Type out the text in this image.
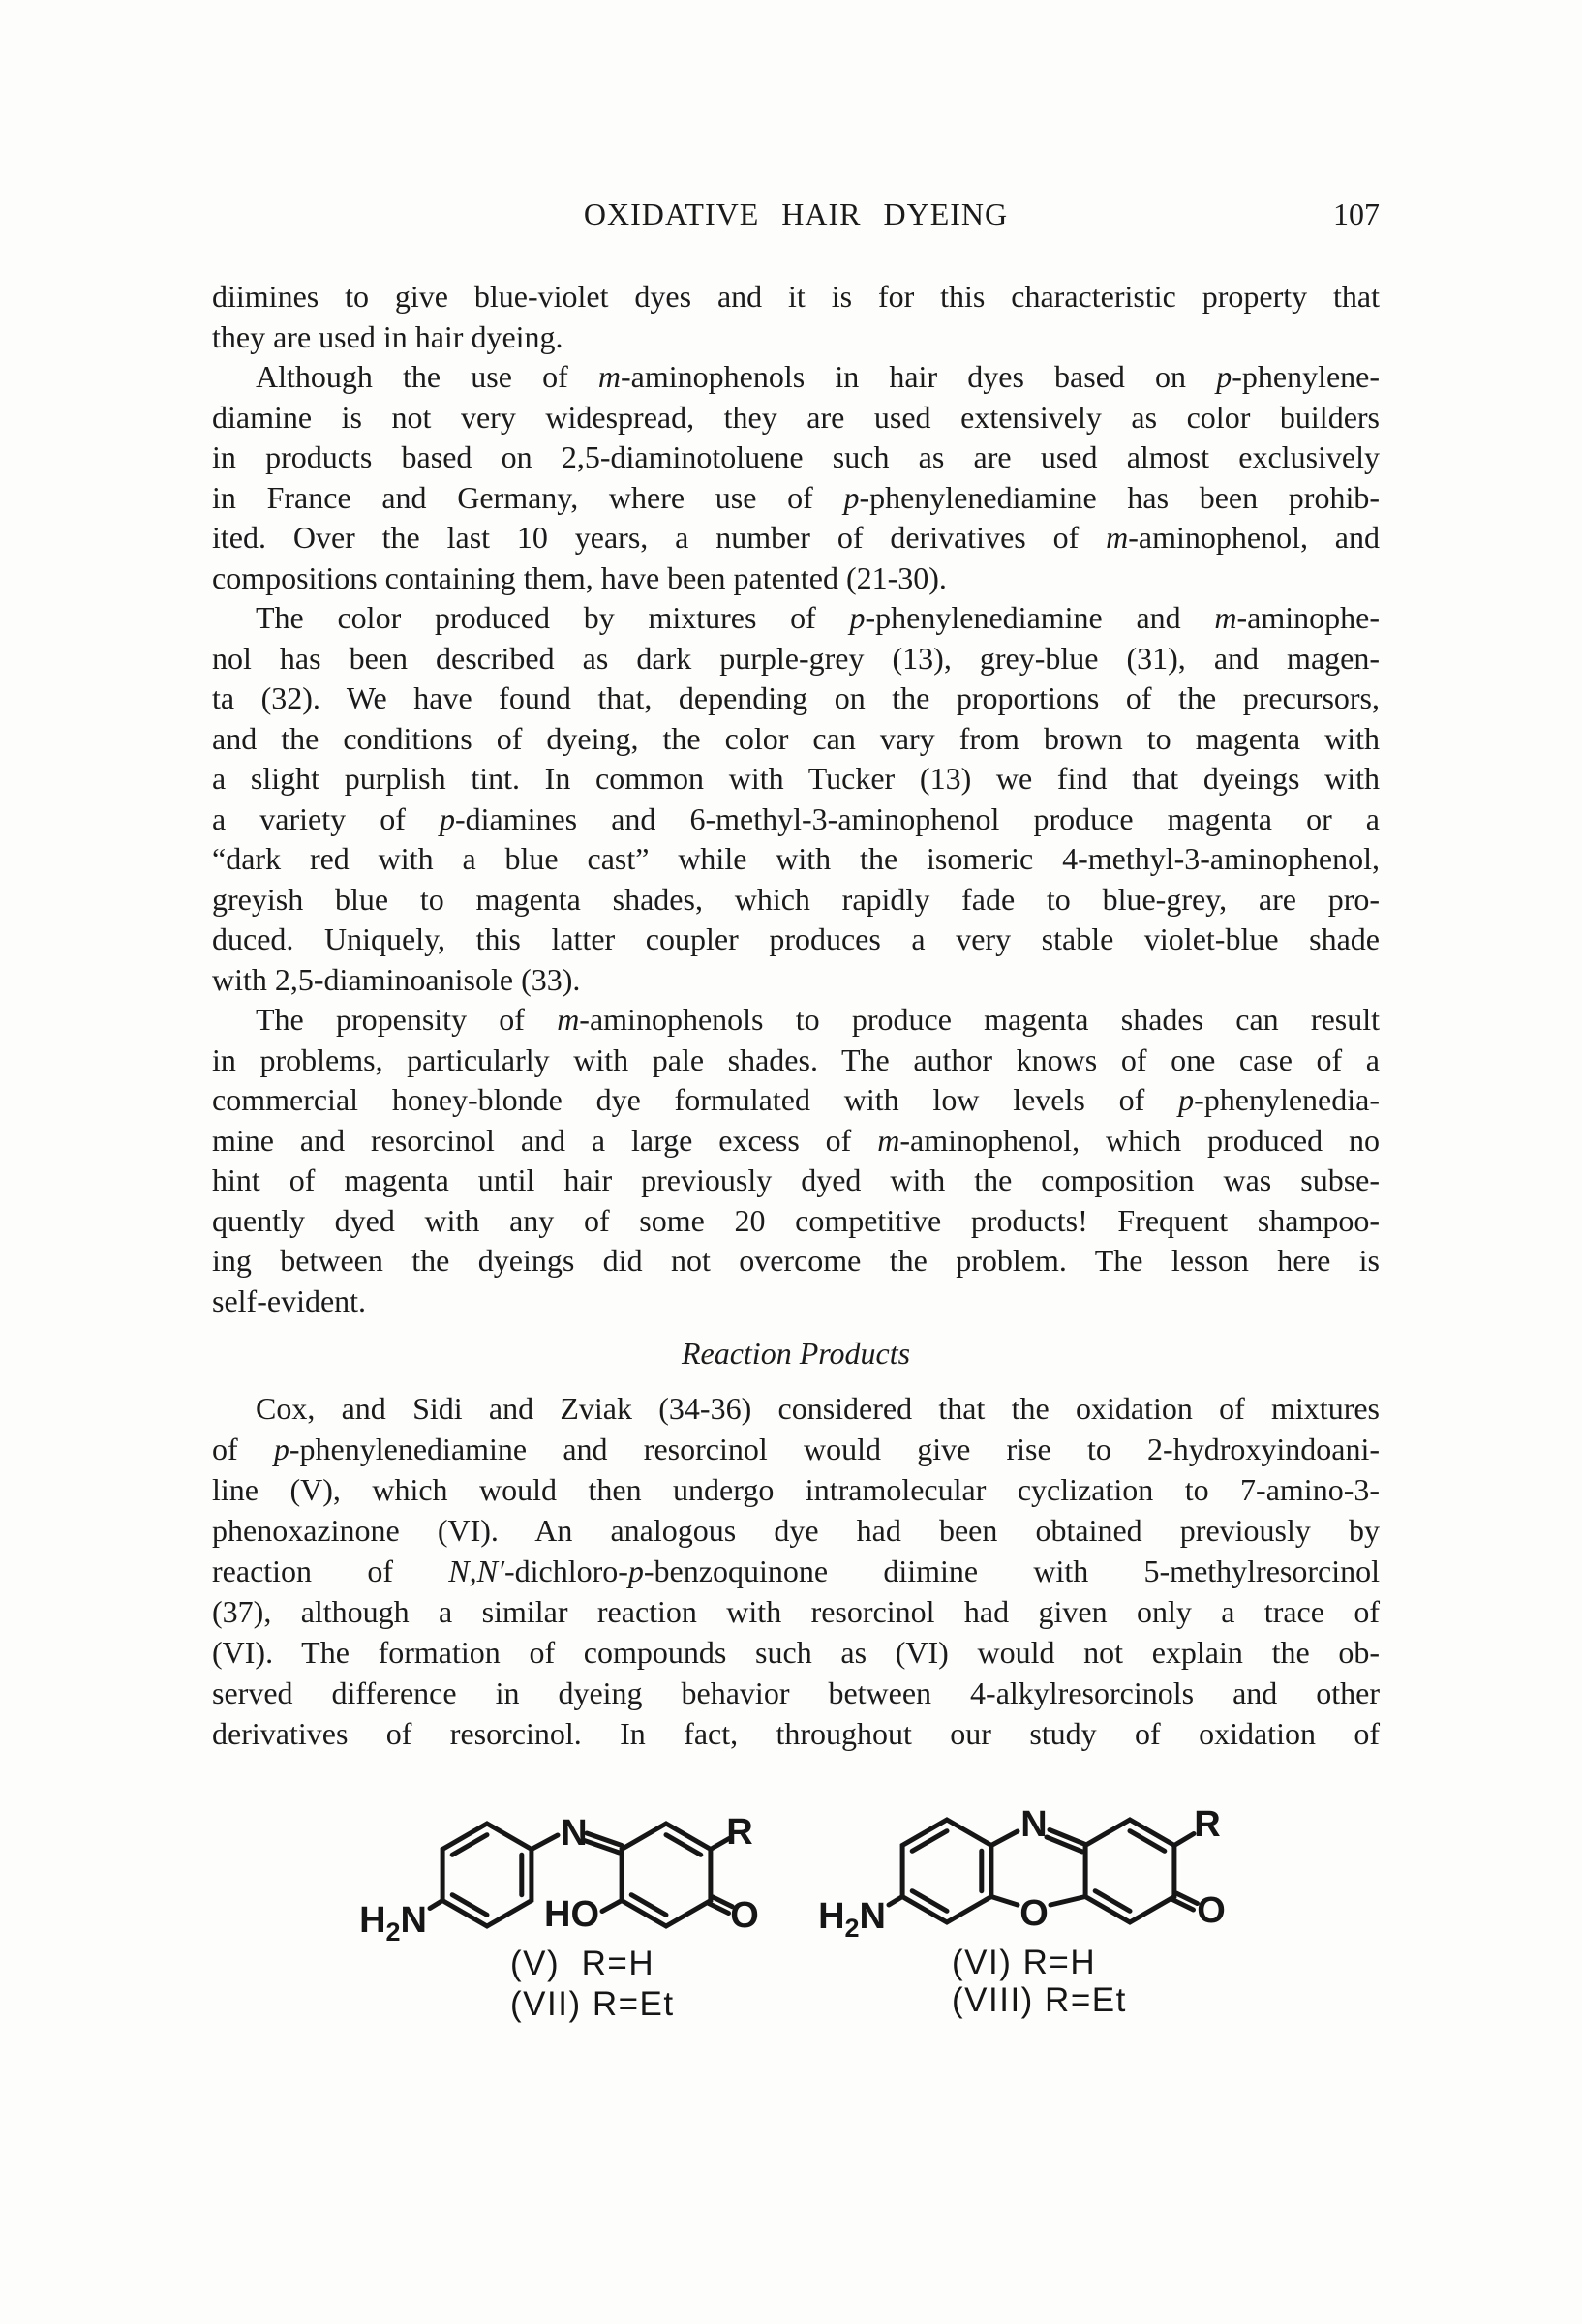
OXIDATIVE HAIR DYEING	107
diimines to give blue-violet dyes and it is for this characteristic property that
they are used in hair dyeing.
Although the use of m-aminophenols in hair dyes based on p-phenylene-
diamine is not very widespread, they are used extensively as color builders
in products based on 2,5-diaminotoluene such as are used almost exclusively
in France and Germany, where use of p-phenylenediamine has been prohib-
ited. Over the last 10 years, a number of derivatives of m-aminophenol, and
compositions containing them, have been patented (21-30).
The color produced by mixtures of p-phenylenediamine and m-aminophe-
nol has been described as dark purple-grey (13), grey-blue (31), and magen-
ta (32). We have found that, depending on the proportions of the precursors,
and the conditions of dyeing, the color can vary from brown to magenta with
a slight purplish tint. In common with Tucker (13) we find that dyeings with
a variety of p-diamines and 6-methyl-3-aminophenol produce magenta or a
“dark red with a blue cast” while with the isomeric 4-methyl-3-aminophenol,
greyish blue to magenta shades, which rapidly fade to blue-grey, are pro-
duced. Uniquely, this latter coupler produces a very stable violet-blue shade
with 2,5-diaminoanisole (33).
The propensity of m-aminophenols to produce magenta shades can result
in problems, particularly with pale shades. The author knows of one case of a
commercial honey-blonde dye formulated with low levels of p-phenylenedia-
mine and resorcinol and a large excess of m-aminophenol, which produced no
hint of magenta until hair previously dyed with the composition was subse-
quently dyed with any of some 20 competitive products! Frequent shampoo-
ing between the dyeings did not overcome the problem. The lesson here is
self-evident.
Reaction Products
Cox, and Sidi and Zviak (34-36) considered that the oxidation of mixtures
of p-phenylenediamine and resorcinol would give rise to 2-hydroxyindoani-
line (V), which would then undergo intramolecular cyclization to 7-amino-3-
phenoxazinone (VI). An analogous dye had been obtained previously by
reaction of N,N′-dichloro-p-benzoquinone diimine with 5-methylresorcinol
(37), although a similar reaction with resorcinol had given only a trace of
(VI). The formation of compounds such as (VI) would not explain the ob-
served difference in dyeing behavior between 4-alkylresorcinols and other
derivatives of resorcinol. In fact, throughout our study of oxidation of
$H_2N$
N
HO	O
R
$H_2N$
N
O
R
O
(V)  R=H
(VII) R=Et
(VI) R=H
(VIII) R=Et
